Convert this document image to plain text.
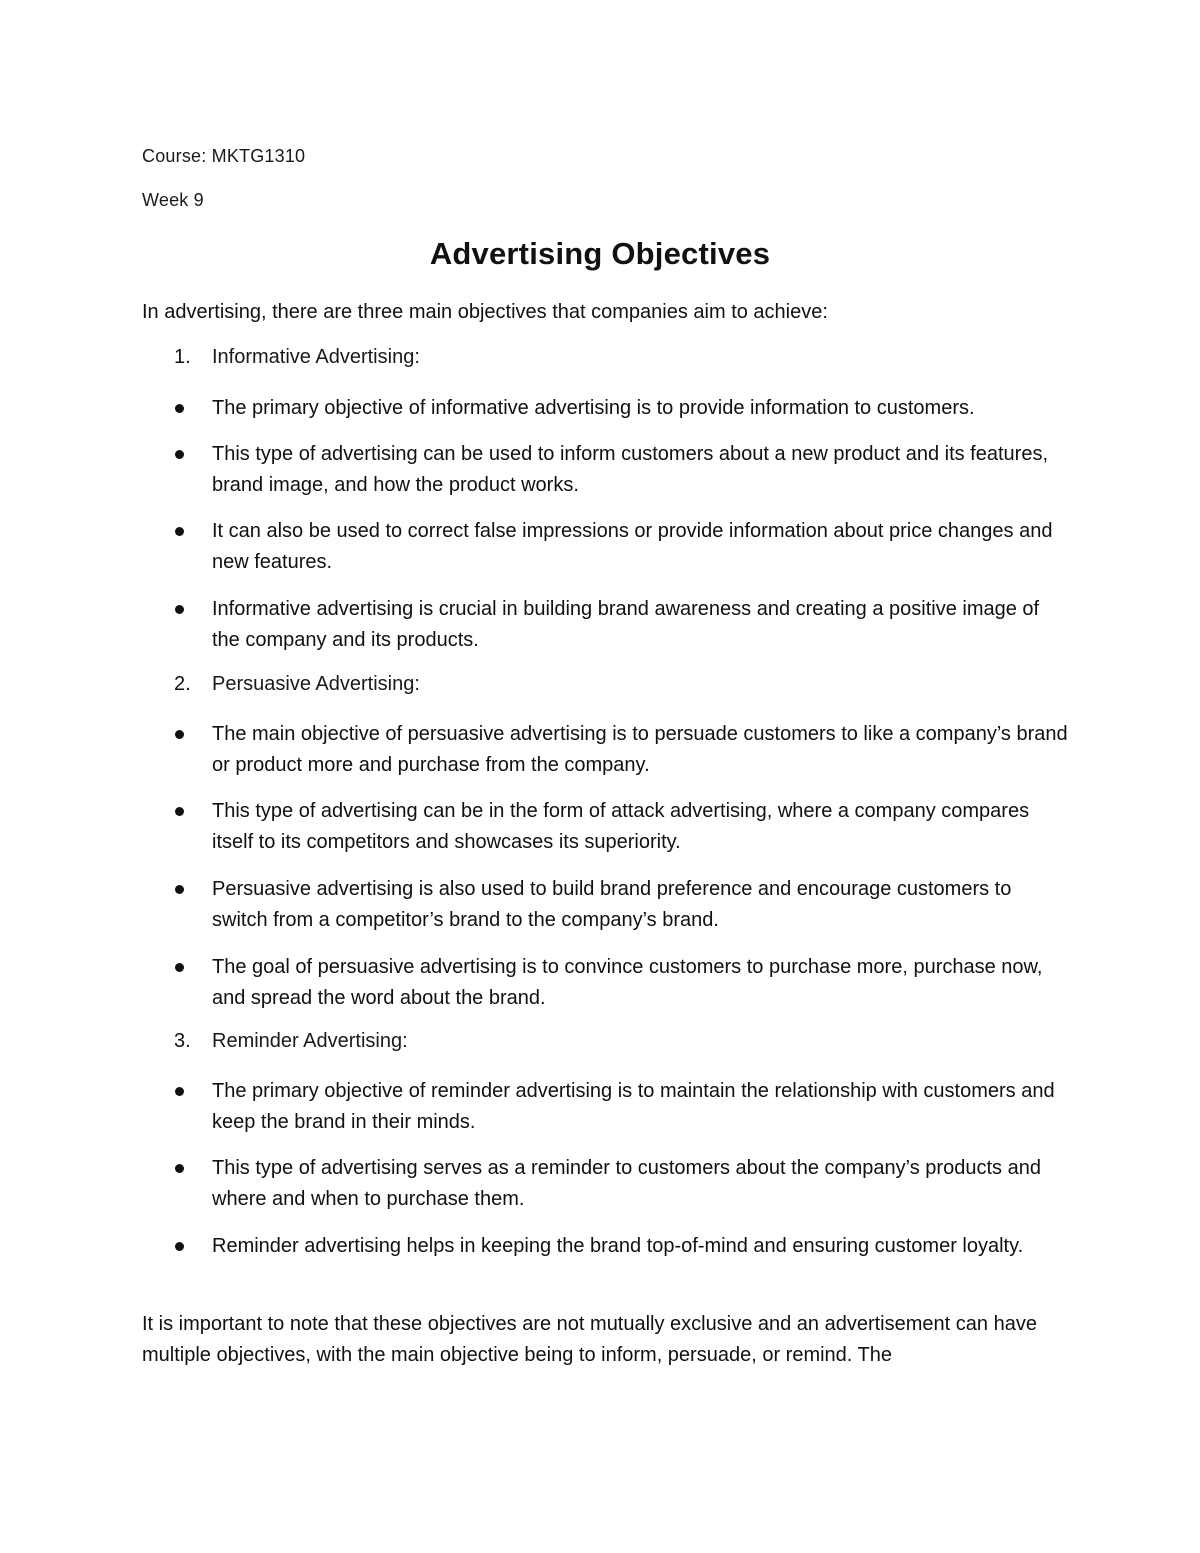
Course: MKTG1310
Week 9
Advertising Objectives
In advertising, there are three main objectives that companies aim to achieve:
1. Informative Advertising:
The primary objective of informative advertising is to provide information to customers.
This type of advertising can be used to inform customers about a new product and its features, brand image, and how the product works.
It can also be used to correct false impressions or provide information about price changes and new features.
Informative advertising is crucial in building brand awareness and creating a positive image of the company and its products.
2. Persuasive Advertising:
The main objective of persuasive advertising is to persuade customers to like a company’s brand or product more and purchase from the company.
This type of advertising can be in the form of attack advertising, where a company compares itself to its competitors and showcases its superiority.
Persuasive advertising is also used to build brand preference and encourage customers to switch from a competitor’s brand to the company’s brand.
The goal of persuasive advertising is to convince customers to purchase more, purchase now, and spread the word about the brand.
3. Reminder Advertising:
The primary objective of reminder advertising is to maintain the relationship with customers and keep the brand in their minds.
This type of advertising serves as a reminder to customers about the company’s products and where and when to purchase them.
Reminder advertising helps in keeping the brand top-of-mind and ensuring customer loyalty.
It is important to note that these objectives are not mutually exclusive and an advertisement can have multiple objectives, with the main objective being to inform, persuade, or remind. The
